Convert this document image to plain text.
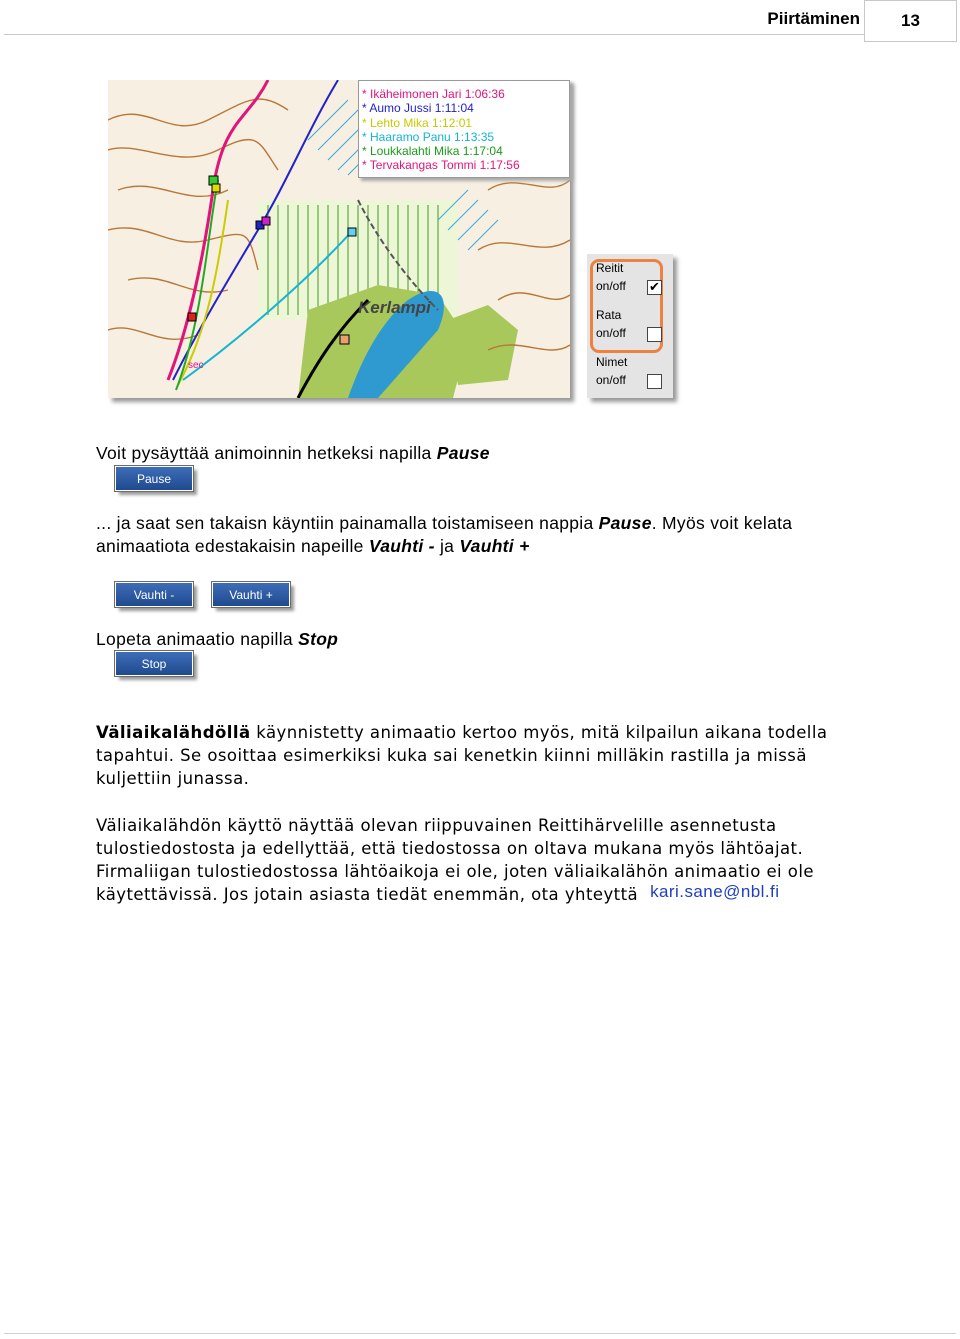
Piirtäminen	13
Kerlampi
sec
* Ikäheimonen Jari 1:06:36
* Aumo Jussi 1:11:04
* Lehto Mika 1:12:01
* Haaramo Panu 1:13:35
* Loukkalahti Mika 1:17:04
* Tervakangas Tommi 1:17:56
Reitit
on/off ✔
Rata
on/off
Nimet
on/off

Voit pysäyttää animoinnin hetkeksi napilla Pause

Pause

... ja saat sen takaisn käyntiin painamalla toistamiseen nappia Pause. Myös voit kelata
animaatiota edestakaisin napeille Vauhti - ja Vauhti +

Vauhti -	Vauhti +

Lopeta animaatio napilla Stop

Stop

Väliaikalähdöllä käynnistetty animaatio kertoo myös, mitä kilpailun aikana todella
tapahtui. Se osoittaa esimerkiksi kuka sai kenetkin kiinni milläkin rastilla ja missä
kuljettiin junassa.

Väliaikalähdön käyttö näyttää olevan riippuvainen Reittihärvelille asennetusta
tulostiedostosta ja edellyttää, että tiedostossa on oltava mukana myös lähtöajat.
Firmaliigan tulostiedostossa lähtöaikoja ei ole, joten väliaikalähön animaatio ei ole
käytettävissä. Jos jotain asiasta tiedät enemmän, ota yhteyttä kari.sane@nbl.fi
